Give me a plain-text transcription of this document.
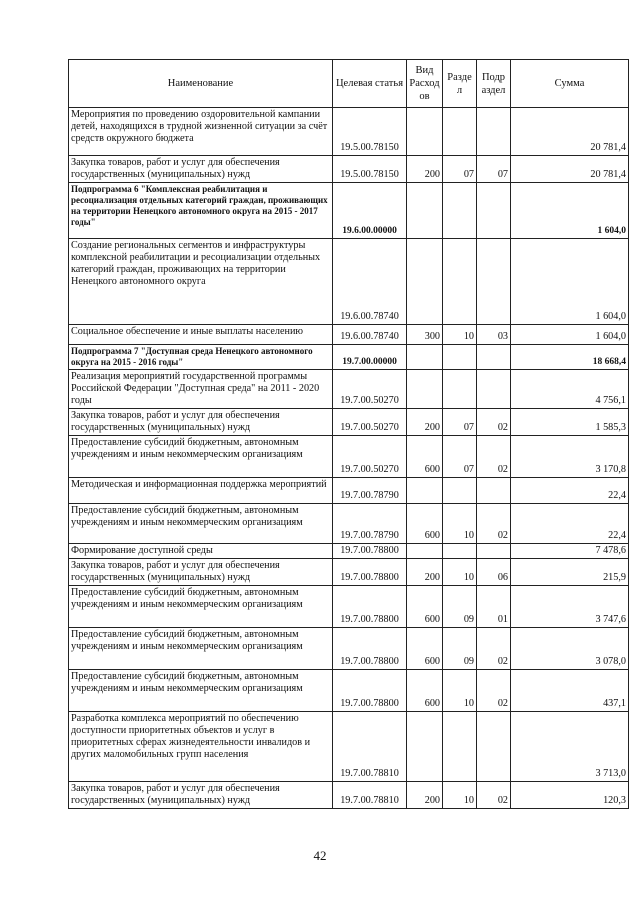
Наименование	Целевая статья	Вид Расход ов	Разде л	Подр аздел	Сумма
Мероприятия по проведению оздоровительной кампании детей, находящихся в трудной жизненной ситуации за счёт средств окружного бюджета	19.5.00.78150				20 781,4
Закупка товаров, работ и услуг для обеспечения государственных (муниципальных) нужд	19.5.00.78150	200	07	07	20 781,4
Подпрограмма 6 "Комплексная реабилитация и ресоциализация отдельных категорий граждан, проживающих на территории Ненецкого автономного округа на 2015 - 2017 годы"	19.6.00.00000				1 604,0
Создание региональных сегментов и инфраструктуры комплексной реабилитации и ресоциализации отдельных категорий граждан, проживающих на территории Ненецкого автономного округа	19.6.00.78740				1 604,0
Социальное обеспечение и иные выплаты населению	19.6.00.78740	300	10	03	1 604,0
Подпрограмма 7 "Доступная среда Ненецкого автономного округа на 2015 - 2016 годы"	19.7.00.00000				18 668,4
Реализация мероприятий государственной программы Российской Федерации "Доступная среда" на 2011 - 2020 годы	19.7.00.50270				4 756,1
Закупка товаров, работ и услуг для обеспечения государственных (муниципальных) нужд	19.7.00.50270	200	07	02	1 585,3
Предоставление субсидий бюджетным, автономным учреждениям и иным некоммерческим организациям	19.7.00.50270	600	07	02	3 170,8
Методическая и информационная поддержка мероприятий	19.7.00.78790				22,4
Предоставление субсидий бюджетным, автономным учреждениям и иным некоммерческим организациям	19.7.00.78790	600	10	02	22,4
Формирование доступной среды	19.7.00.78800				7 478,6
Закупка товаров, работ и услуг для обеспечения государственных (муниципальных) нужд	19.7.00.78800	200	10	06	215,9
Предоставление субсидий бюджетным, автономным учреждениям и иным некоммерческим организациям	19.7.00.78800	600	09	01	3 747,6
Предоставление субсидий бюджетным, автономным учреждениям и иным некоммерческим организациям	19.7.00.78800	600	09	02	3 078,0
Предоставление субсидий бюджетным, автономным учреждениям и иным некоммерческим организациям	19.7.00.78800	600	10	02	437,1
Разработка комплекса мероприятий по обеспечению доступности приоритетных объектов и услуг в приоритетных сферах жизнедеятельности инвалидов и других маломобильных групп населения	19.7.00.78810				3 713,0
Закупка товаров, работ и услуг для обеспечения государственных (муниципальных) нужд	19.7.00.78810	200	10	02	120,3
42
